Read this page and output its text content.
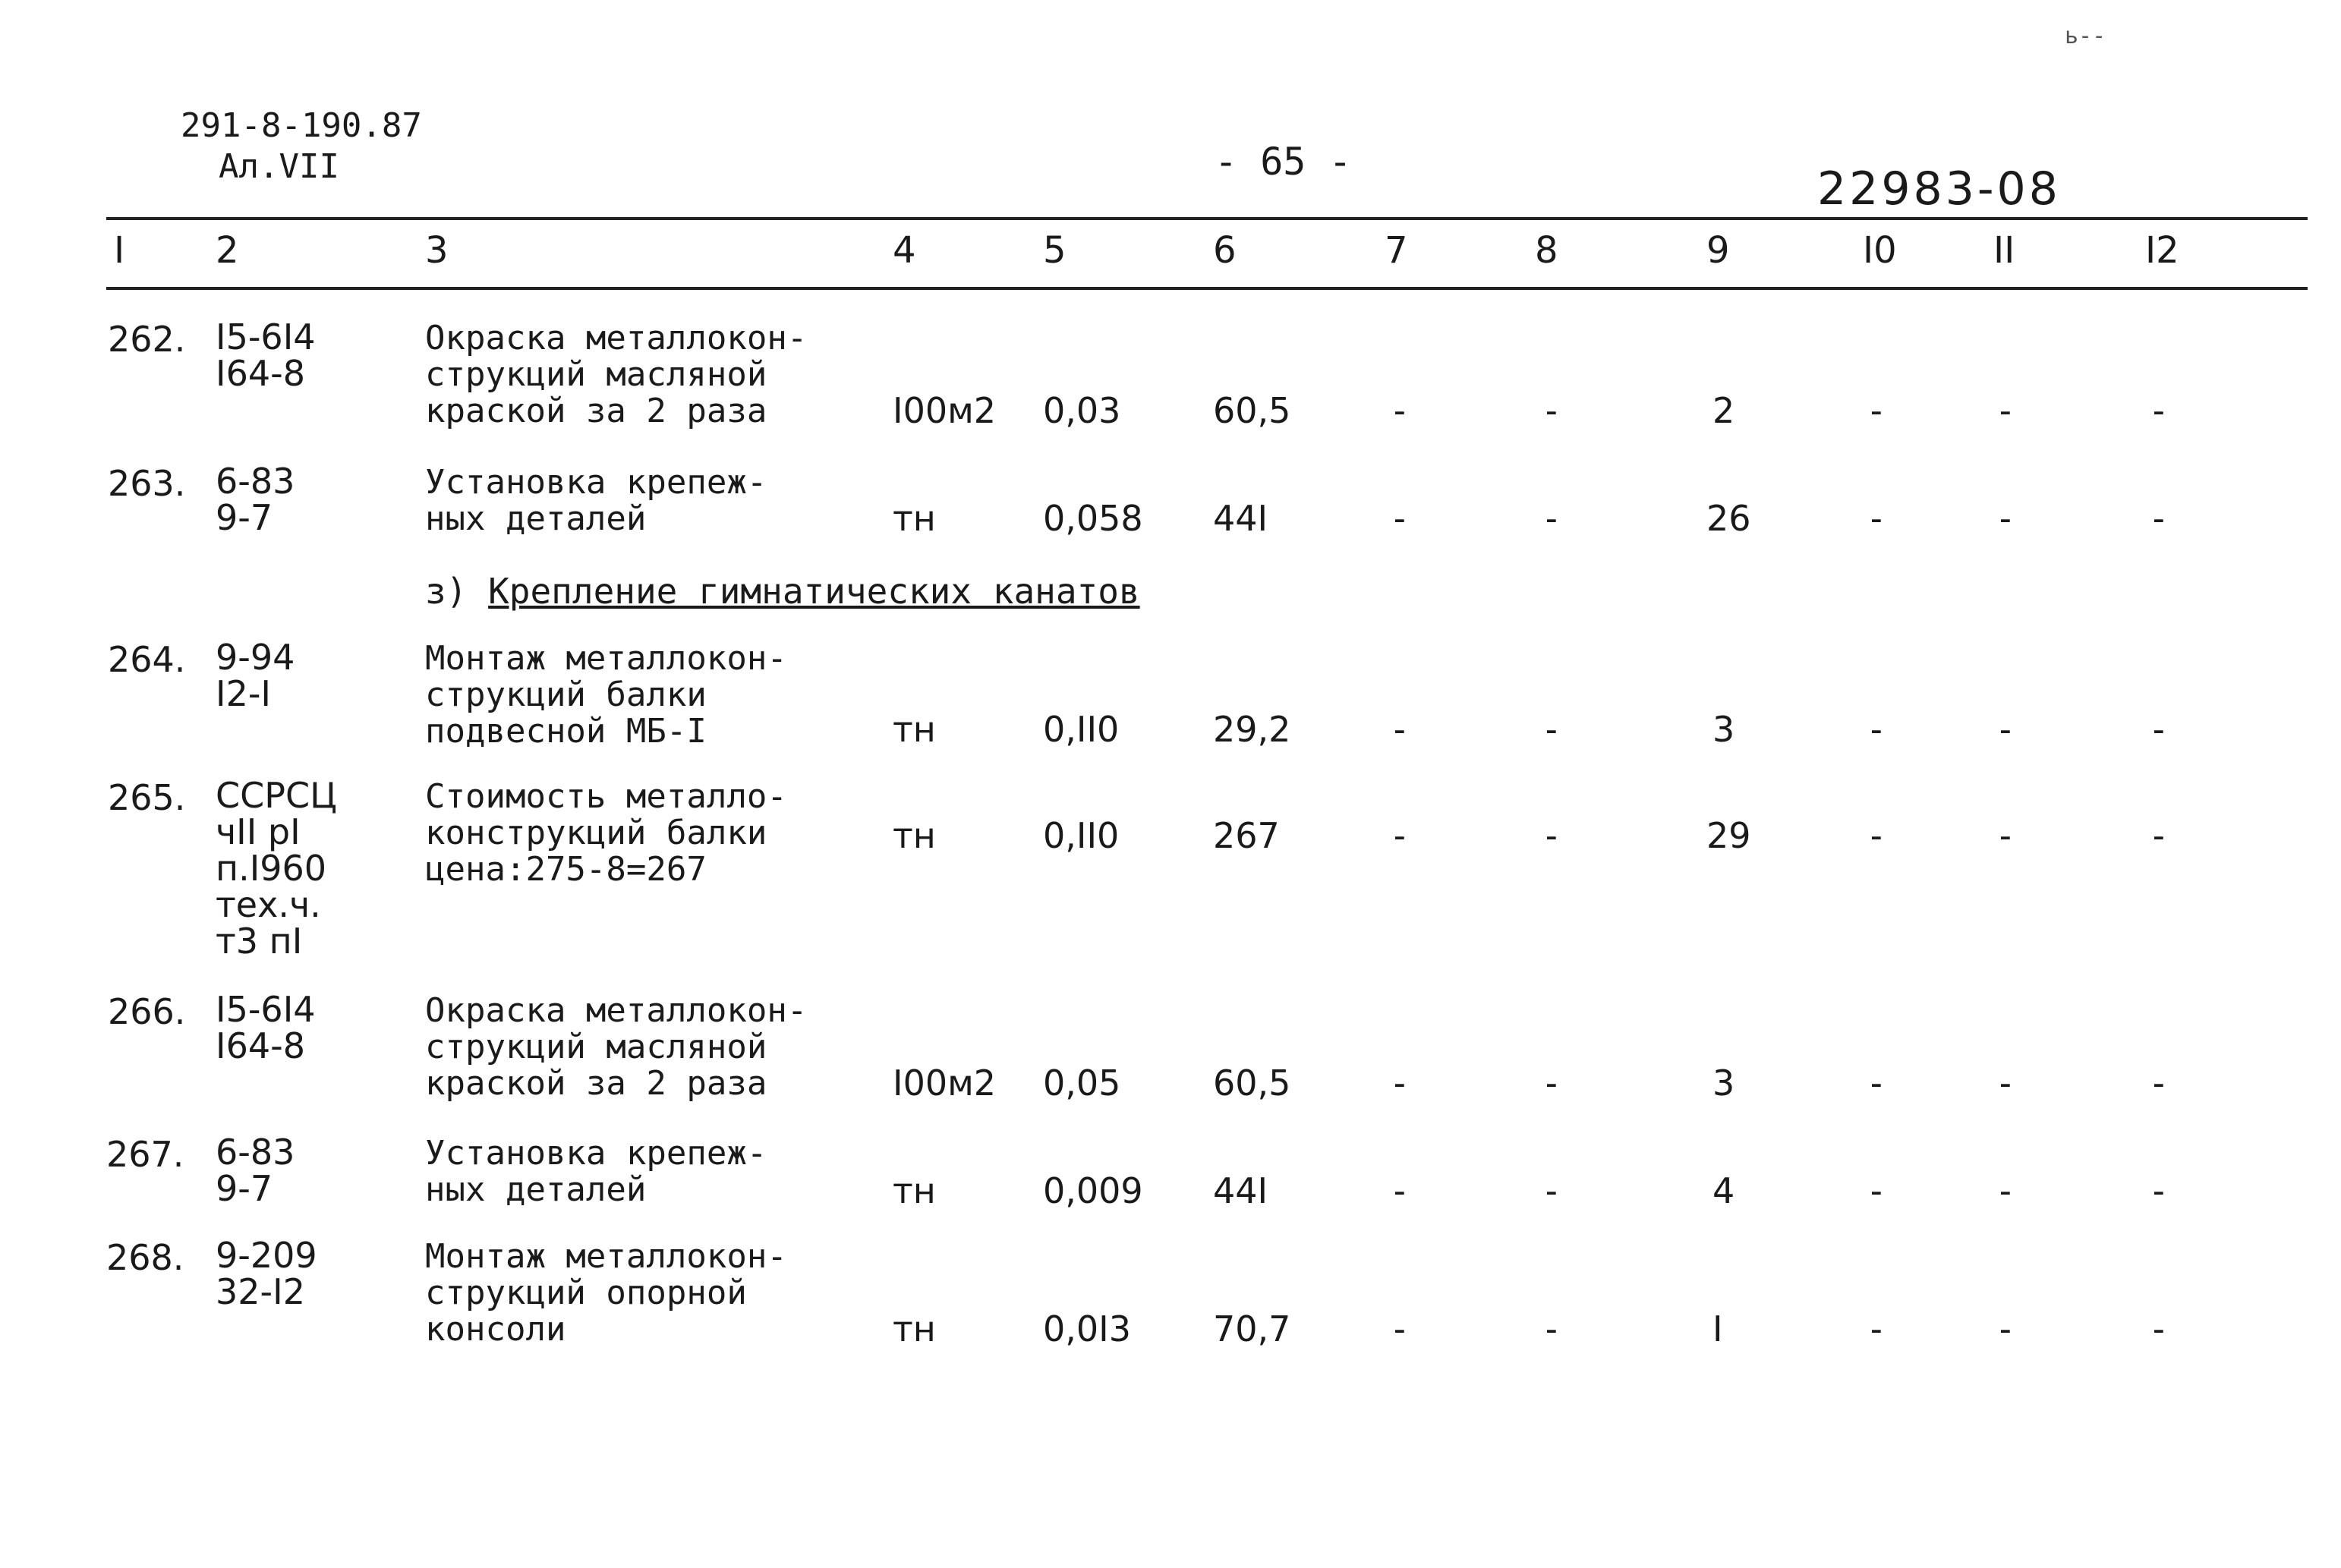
ь--
291-8-190.87
Ал.VII	- 65 -
22983-08
I 2	3	4	5	6	7	8	9	I0	II	I2
262. I5-6I4
I64-8
Окраска металлокон-
струкций масляной
краской за 2 раза	I00м2 0,03	60,5	-	-	2	-	-	-
263. 6-83
9-7
Установка крепеж-
ных деталей	тн	0,058 44I	-	-	26	-	-	-
з) Крепление гимнатических канатов
264. 9-94
I2-I
Монтаж металлокон-
струкций балки
подвесной МБ-I	тн	0,II0	29,2	-	-	3	-	-	-
265. ССРСЦ
чII рI
п.I960
тех.ч.
т3 пI
Стоимость металло-
конструкций балки
цена:275-8=267
тн	0,II0	267	-	-	29	-	-	-
266. I5-6I4
I64-8
Окраска металлокон-
струкций масляной
краской за 2 раза	I00м2 0,05	60,5	-	-	3	-	-	-
267. 6-83
9-7
Установка крепеж-
ных деталей	тн	0,009 44I	-	-	4	-	-	-
268. 9-209
32-I2
Монтаж металлокон-
струкций опорной
консоли	тн	0,0I3 70,7	-	-	I	-	-	-
